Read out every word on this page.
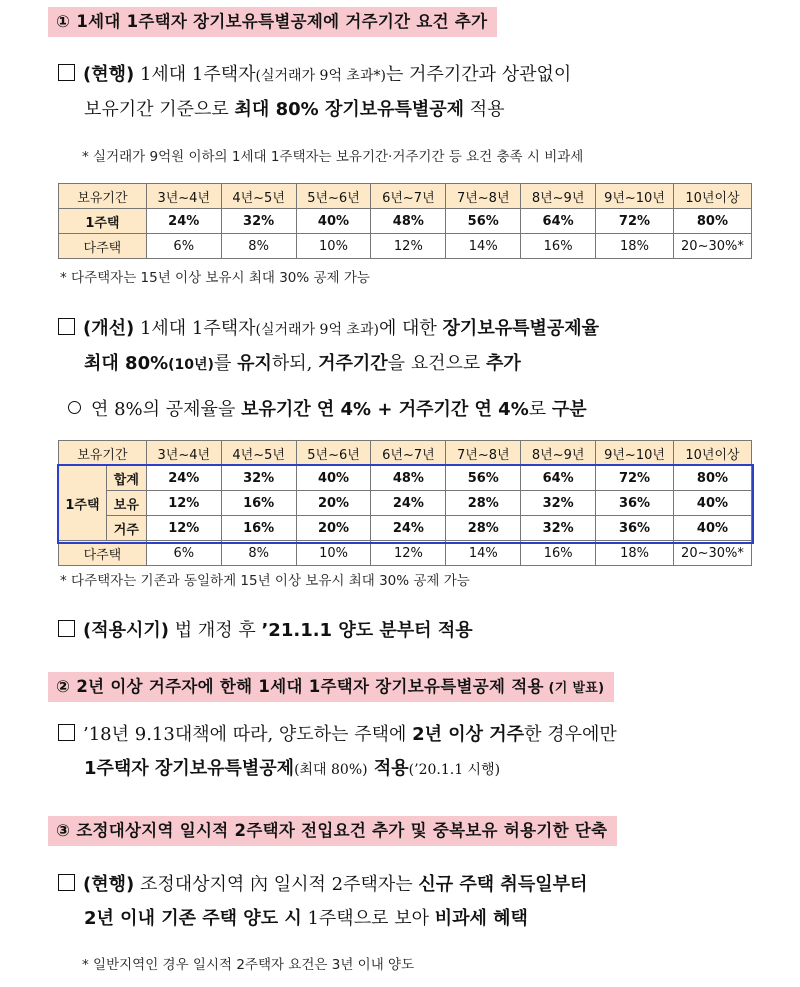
① 1세대 1주택자 장기보유특별공제에 거주기간 요건 추가
(현행) 1세대 1주택자(실거래가 9억 초과*)는 거주기간과 상관없이
보유기간 기준으로 최대 80% 장기보유특별공제 적용
* 실거래가 9억원 이하의 1세대 1주택자는 보유기간·거주기간 등 요건 충족 시 비과세
보유기간	3년~4년	4년~5년	5년~6년	6년~7년	7년~8년	8년~9년	9년~10년	10년이상
1주택	24%	32%	40%	48%	56%	64%	72%	80%
다주택	6%	8%	10%	12%	14%	16%	18%	20~30%*
* 다주택자는 15년 이상 보유시 최대 30% 공제 가능
(개선) 1세대 1주택자(실거래가 9억 초과)에 대한 장기보유특별공제율
최대 80%(10년)를 유지하되, 거주기간을 요건으로 추가
연 8%의 공제율을 보유기간 연 4% + 거주기간 연 4%로 구분
보유기간		3년~4년	4년~5년	5년~6년	6년~7년	7년~8년	8년~9년	9년~10년	10년이상
1주택	합계	24%	32%	40%	48%	56%	64%	72%	80%
	보유	12%	16%	20%	24%	28%	32%	36%	40%
	거주	12%	16%	20%	24%	28%	32%	36%	40%
다주택		6%	8%	10%	12%	14%	16%	18%	20~30%*
* 다주택자는 기존과 동일하게 15년 이상 보유시 최대 30% 공제 가능
(적용시기) 법 개정 후 ’21.1.1 양도 분부터 적용
② 2년 이상 거주자에 한해 1세대 1주택자 장기보유특별공제 적용 (기 발표)
’18년 9.13대책에 따라, 양도하는 주택에 2년 이상 거주한 경우에만
1주택자 장기보유특별공제(최대 80%) 적용(’20.1.1 시행)
③ 조정대상지역 일시적 2주택자 전입요건 추가 및 중복보유 허용기한 단축
(현행) 조정대상지역 內 일시적 2주택자는 신규 주택 취득일부터
2년 이내 기존 주택 양도 시 1주택으로 보아 비과세 혜택
* 일반지역인 경우 일시적 2주택자 요건은 3년 이내 양도
